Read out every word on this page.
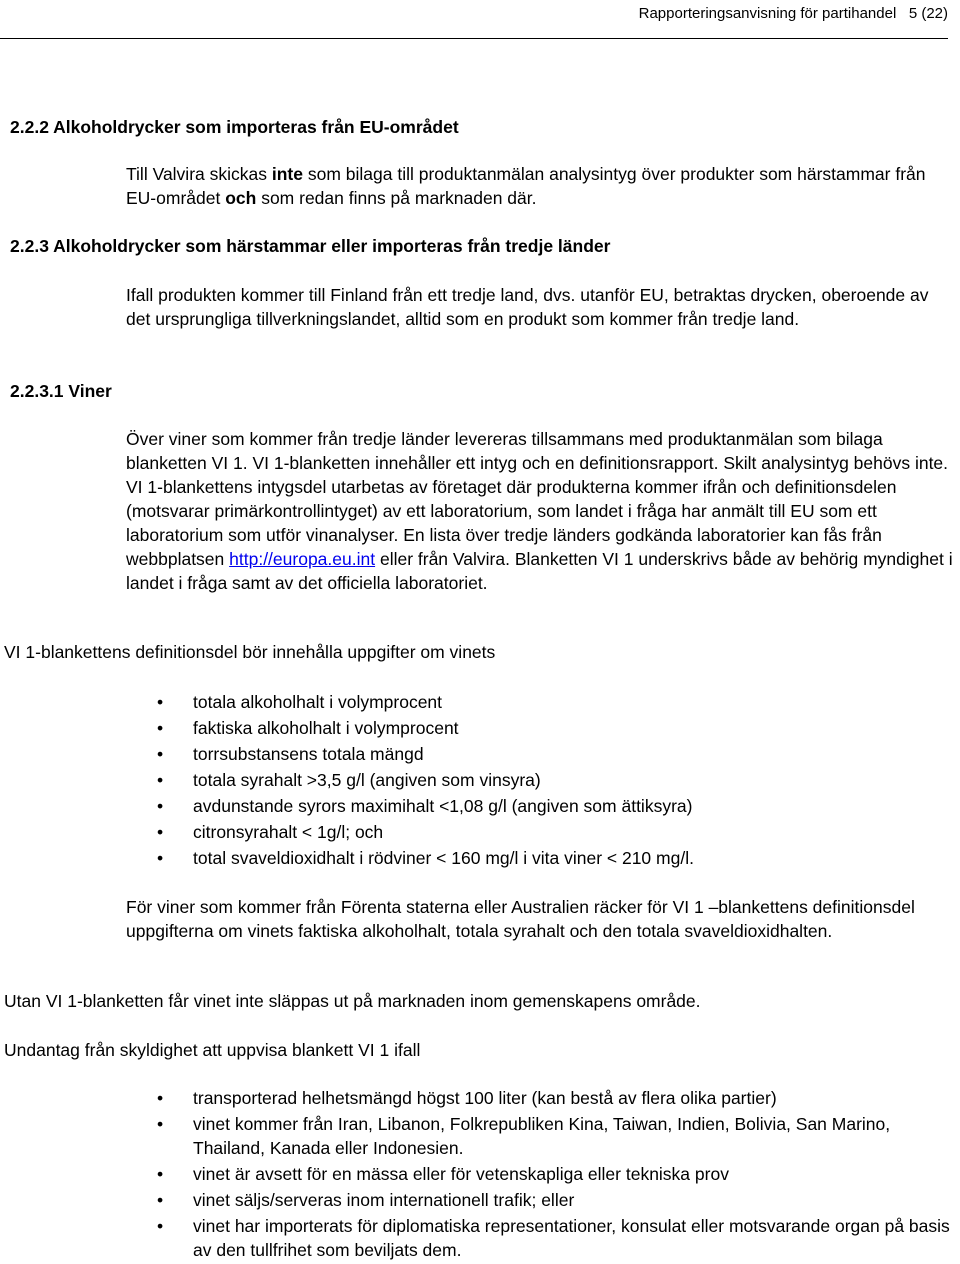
Rapporteringsanvisning för partihandel 5 (22)
2.2.2 Alkoholdrycker som importeras från EU-området

Till Valvira skickas inte som bilaga till produktanmälan analysintyg över produkter som härstammar från EU-området och som redan finns på marknaden där.

2.2.3 Alkoholdrycker som härstammar eller importeras från tredje länder

Ifall produkten kommer till Finland från ett tredje land, dvs. utanför EU, betraktas drycken, oberoende av det ursprungliga tillverkningslandet, alltid som en produkt som kommer från tredje land.

2.2.3.1 Viner

Över viner som kommer från tredje länder levereras tillsammans med produktanmälan som bilaga blanketten VI 1. VI 1-blanketten innehåller ett intyg och en definitionsrapport. Skilt analysintyg behövs inte. VI 1-blankettens intygsdel utarbetas av företaget där produkterna kommer ifrån och definitionsdelen (motsvarar primärkontrollintyget) av ett laboratorium, som landet i fråga har anmält till EU som ett laboratorium som utför vinanalyser. En lista över tredje länders godkända laboratorier kan fås från webbplatsen http://europa.eu.int eller från Valvira. Blanketten VI 1 underskrivs både av behörig myndighet i landet i fråga samt av det officiella laboratoriet.

VI 1-blankettens definitionsdel bör innehålla uppgifter om vinets

• totala alkoholhalt i volymprocent
• faktiska alkoholhalt i volymprocent
• torrsubstansens totala mängd
• totala syrahalt >3,5 g/l (angiven som vinsyra)
• avdunstande syrors maximihalt <1,08 g/l (angiven som ättiksyra)
• citronsyrahalt < 1g/l; och
• total svaveldioxidhalt i rödviner < 160 mg/l i vita viner < 210 mg/l.

För viner som kommer från Förenta staterna eller Australien räcker för VI 1 –blankettens definitionsdel uppgifterna om vinets faktiska alkoholhalt, totala syrahalt och den totala svaveldioxidhalten.

Utan VI 1-blanketten får vinet inte släppas ut på marknaden inom gemenskapens område.

Undantag från skyldighet att uppvisa blankett VI 1 ifall

• transporterad helhetsmängd högst 100 liter (kan bestå av flera olika partier)
• vinet kommer från Iran, Libanon, Folkrepubliken Kina, Taiwan, Indien, Bolivia, San Marino, Thailand, Kanada eller Indonesien.
• vinet är avsett för en mässa eller för vetenskapliga eller tekniska prov
• vinet säljs/serveras inom internationell trafik; eller
• vinet har importerats för diplomatiska representationer, konsulat eller motsvarande organ på basis av den tullfrihet som beviljats dem.
